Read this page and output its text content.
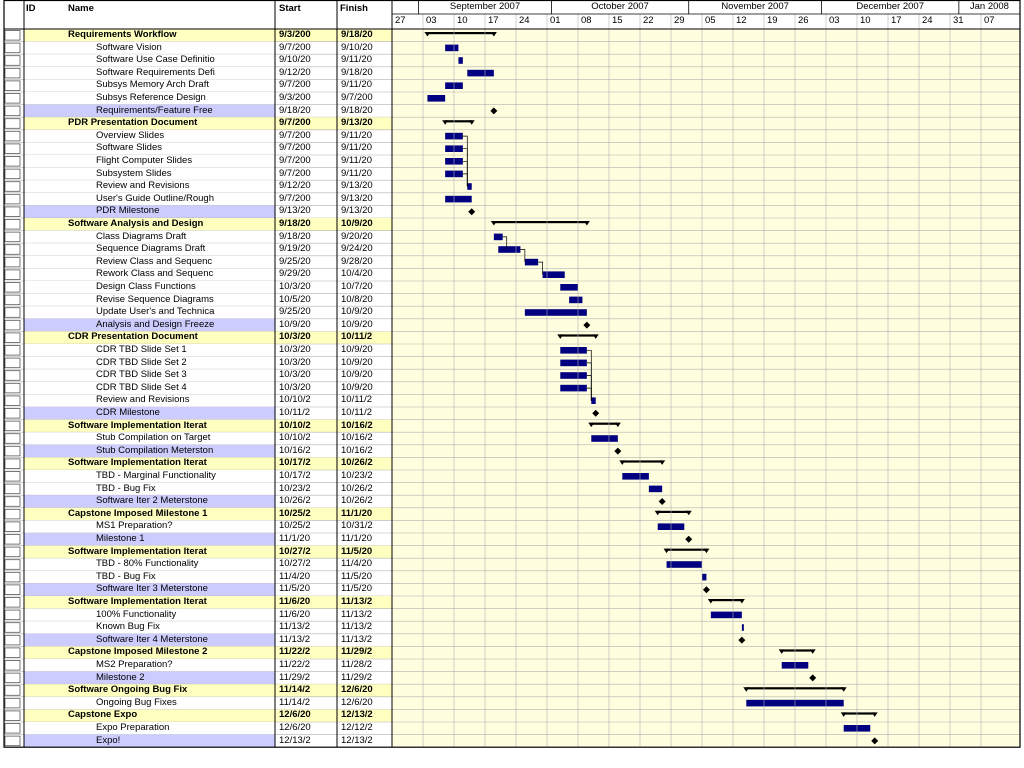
ID	Name	Start	Finish
Requirements Workflow	9/3/200	9/18/20
Software Vision	9/7/200	9/10/20
Software Use Case Definitio	9/10/20	9/11/20
Software Requirements Defi	9/12/20	9/18/20
Subsys Memory Arch Draft	9/7/200	9/11/20
Subsys Reference Design	9/3/200	9/7/200
Requirements/Feature Free	9/18/20	9/18/20
PDR Presentation Document	9/7/200	9/13/20
Overview Slides	9/7/200	9/11/20
Software Slides	9/7/200	9/11/20
Flight Computer Slides	9/7/200	9/11/20
Subsystem Slides	9/7/200	9/11/20
Review and Revisions	9/12/20	9/13/20
User's Guide Outline/Rough	9/7/200	9/13/20
PDR Milestone	9/13/20	9/13/20
Software Analysis and Design	9/18/20	10/9/20
Class Diagrams Draft	9/18/20	9/20/20
Sequence Diagrams Draft	9/19/20	9/24/20
Review Class and Sequenc	9/25/20	9/28/20
Rework Class and Sequenc	9/29/20	10/4/20
Design Class Functions	10/3/20	10/7/20
Revise Sequence Diagrams	10/5/20	10/8/20
Update User's and Technica	9/25/20	10/9/20
Analysis and Design Freeze	10/9/20	10/9/20
CDR Presentation Document	10/3/20	10/11/2
CDR TBD Slide Set 1	10/3/20	10/9/20
CDR TBD Slide Set 2	10/3/20	10/9/20
CDR TBD Slide Set 3	10/3/20	10/9/20
CDR TBD Slide Set 4	10/3/20	10/9/20
Review and Revisions	10/10/2	10/11/2
CDR Milestone	10/11/2	10/11/2
Software Implementation Iterat	10/10/2	10/16/2
Stub Compilation on Target	10/10/2	10/16/2
Stub Compilation Meterston	10/16/2	10/16/2
Software Implementation Iterat	10/17/2	10/26/2
TBD - Marginal Functionality	10/17/2	10/23/2
TBD - Bug Fix	10/23/2	10/26/2
Software Iter 2 Meterstone	10/26/2	10/26/2
Capstone Imposed Milestone 1	10/25/2	11/1/20
MS1 Preparation?	10/25/2	10/31/2
Milestone 1	11/1/20	11/1/20
Software Implementation Iterat	10/27/2	11/5/20
TBD - 80% Functionality	10/27/2	11/4/20
TBD - Bug Fix	11/4/20	11/5/20
Software Iter 3 Meterstone	11/5/20	11/5/20
Software Implementation Iterat	11/6/20	11/13/2
100% Functionality	11/6/20	11/13/2
Known Bug Fix	11/13/2	11/13/2
Software Iter 4 Meterstone	11/13/2	11/13/2
Capstone Imposed Milestone 2	11/22/2	11/29/2
MS2 Preparation?	11/22/2	11/28/2
Milestone 2	11/29/2	11/29/2
Software Ongoing Bug Fix	11/14/2	12/6/20
Ongoing Bug Fixes	11/14/2	12/6/20
Capstone Expo	12/6/20	12/13/2
Expo Preparation	12/6/20	12/12/2
Expo!	12/13/2	12/13/2
27	03	10	17	24	01	08	15	22	29	05	12	19	26	03	10	17	24	31	07
September 2007	October 2007	November 2007	December 2007	Jan 2008
